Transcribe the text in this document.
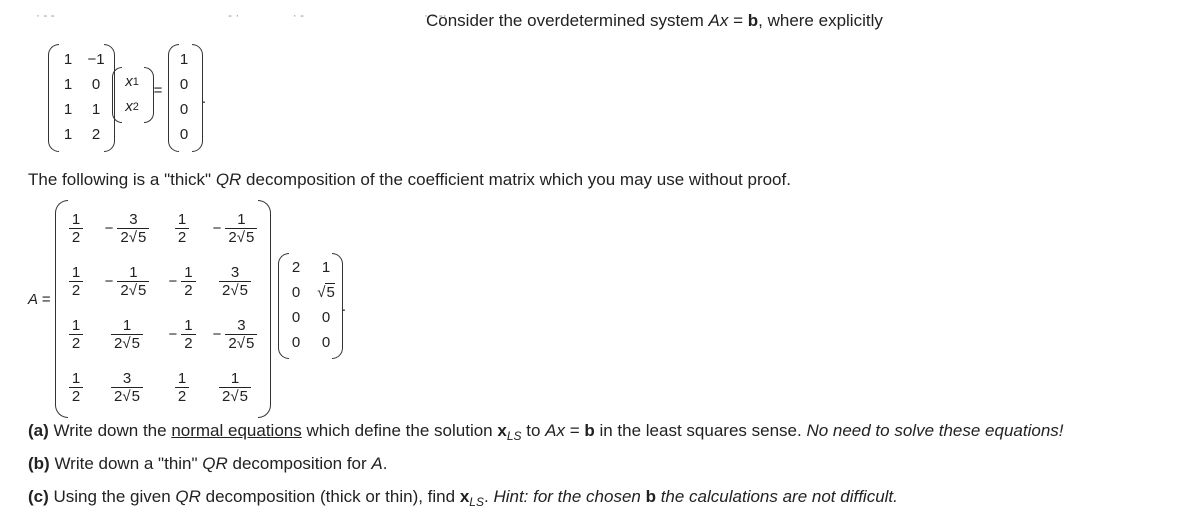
· - -                                                    - ·                · -                                    · - -·
Consider the overdetermined system Ax = b, where explicitly
1	−1
1	0
1	1
1	2
x 1
x 2
=
1
0
0
0
.
The following is a "thick" QR decomposition of the coefficient matrix which you may use without proof.
A =
$\frac{1}{2} - \frac{3}{2√5} \frac{1}{2} - \frac{1}{2√5}$
$\frac{1}{2} - \frac{1}{2√5} - \frac{1}{2} \frac{3}{2√5}$
$\frac{1}{2} \frac{1}{2√5} - \frac{1}{2} - \frac{3}{2√5}$
$\frac{1}{2} \frac{3}{2√5} \frac{1}{2} \frac{1}{2√5}$
2	1
0	√5
0	0
0	0
.
(a) Write down the normal equations which define the solution $x_{LS}$ to Ax = b in the least squares sense. No need to solve these equations!
(b) Write down a "thin" QR decomposition for A.
(c) Using the given QR decomposition (thick or thin), find $x_{LS}$. Hint: for the chosen b the calculations are not difficult.
